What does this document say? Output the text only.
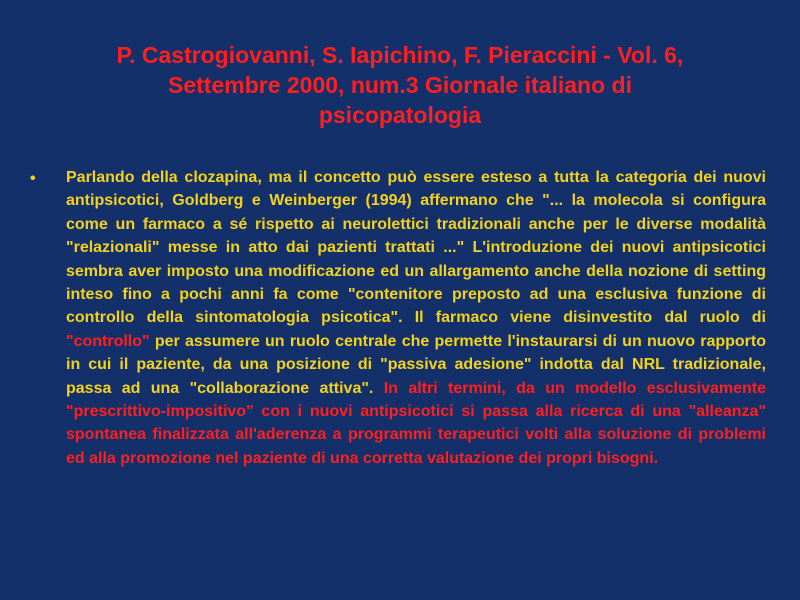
P. Castrogiovanni, S. Iapichino, F. Pieraccini - Vol. 6,
Settembre 2000, num.3 Giornale italiano di
psicopatologia
• Parlando della clozapina, ma il concetto può essere esteso a tutta la categoria dei nuovi antipsicotici, Goldberg e Weinberger (1994) affermano che "... la molecola si configura come un farmaco a sé rispetto ai neurolettici tradizionali anche per le diverse modalità "relazionali" messe in atto dai pazienti trattati ..." L'introduzione dei nuovi antipsicotici sembra aver imposto una modificazione ed un allargamento anche della nozione di setting inteso fino a pochi anni fa come "contenitore preposto ad una esclusiva funzione di controllo della sintomatologia psicotica". Il farmaco viene disinvestito dal ruolo di "controllo" per assumere un ruolo centrale che permette l'instaurarsi di un nuovo rapporto in cui il paziente, da una posizione di "passiva adesione" indotta dal NRL tradizionale, passa ad una "collaborazione attiva". In altri termini, da un modello esclusivamente "prescrittivo-impositivo" con i nuovi antipsicotici si passa alla ricerca di una "alleanza" spontanea finalizzata all'aderenza a programmi terapeutici volti alla soluzione di problemi ed alla promozione nel paziente di una corretta valutazione dei propri bisogni.
